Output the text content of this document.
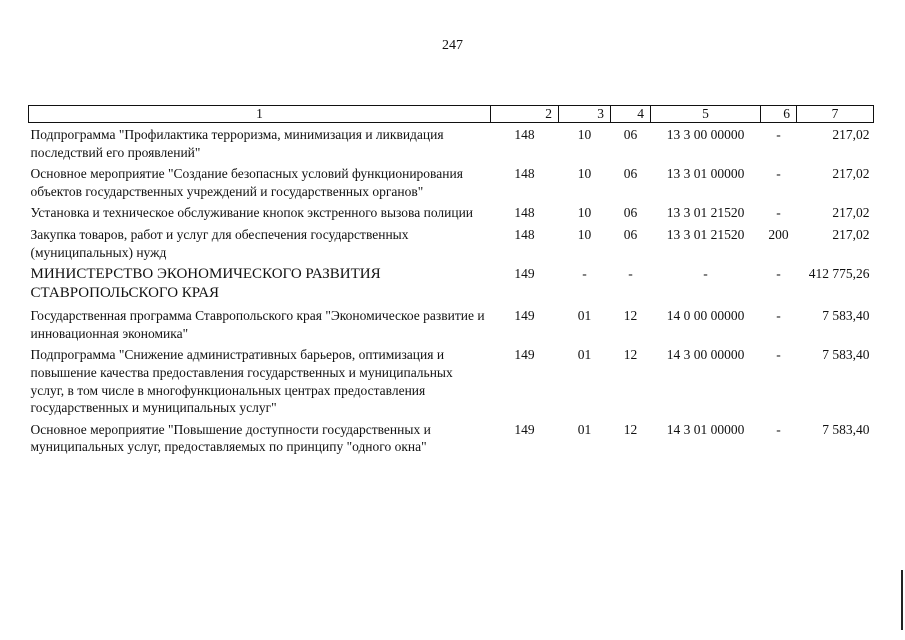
247
1	2	3	4	5	6	7
Подпрограмма "Профилактика терроризма, минимизация и ликвидация последствий его проявлений"	148	10	06	13 3 00 00000	-	217,02
Основное мероприятие "Создание безопасных условий функционирования объектов государственных учреждений и государственных органов"	148	10	06	13 3 01 00000	-	217,02
Установка и техническое обслуживание кнопок экстренного вызова полиции	148	10	06	13 3 01 21520	-	217,02
Закупка товаров, работ и услуг для обеспечения государственных (муниципальных) нужд	148	10	06	13 3 01 21520	200	217,02
МИНИСТЕРСТВО ЭКОНОМИЧЕСКОГО РАЗВИТИЯ СТАВРОПОЛЬСКОГО КРАЯ	149	-	-	-	-	412 775,26
Государственная программа Ставропольского края "Экономическое развитие и инновационная экономика"	149	01	12	14 0 00 00000	-	7 583,40
Подпрограмма "Снижение административных барьеров, оптимизация и повышение качества предоставления государственных и муниципальных услуг, в том числе в многофункциональных центрах предоставления государственных и муниципальных услуг"	149	01	12	14 3 00 00000	-	7 583,40
Основное мероприятие "Повышение доступности государственных и муниципальных услуг, предоставляемых по принципу "одного окна"	149	01	12	14 3 01 00000	-	7 583,40
